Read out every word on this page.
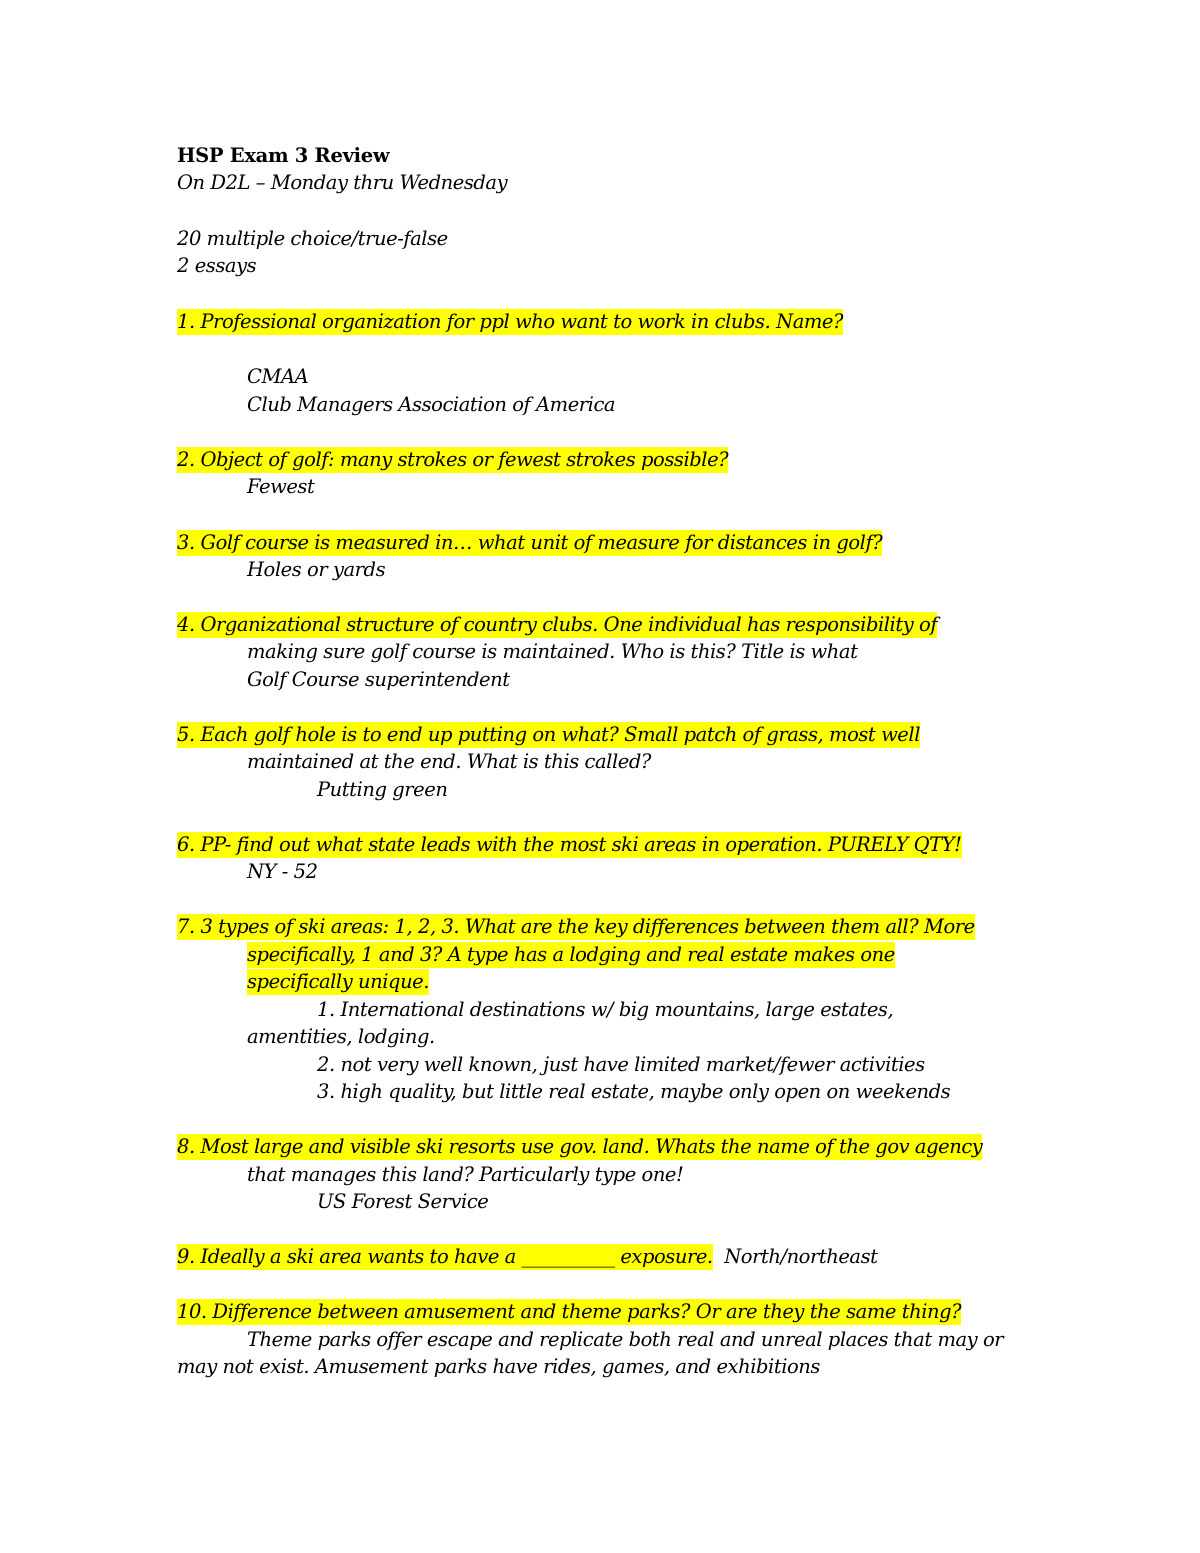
HSP Exam 3 Review
On D2L – Monday thru Wednesday
20 multiple choice/true-false
2 essays
1. Professional organization for ppl who want to work in clubs. Name?
CMAA
Club Managers Association of America
2. Object of golf: many strokes or fewest strokes possible?
Fewest
3. Golf course is measured in… what unit of measure for distances in golf?
Holes or yards
4. Organizational structure of country clubs. One individual has responsibility of
making sure golf course is maintained. Who is this? Title is what
Golf Course superintendent
5. Each golf hole is to end up putting on what? Small patch of grass, most well
maintained at the end. What is this called?
Putting green
6. PP- find out what state leads with the most ski areas in operation. PURELY QTY!
NY - 52
7. 3 types of ski areas: 1, 2, 3. What are the key differences between them all? More
specifically, 1 and 3? A type has a lodging and real estate makes one
specifically unique.
1. International destinations w/ big mountains, large estates,
amentities, lodging.
2. not very well known, just have limited market/fewer activities
3. high quality, but little real estate, maybe only open on weekends
8. Most large and visible ski resorts use gov. land. Whats the name of the gov agency
that manages this land? Particularly type one!
US Forest Service
9. Ideally a ski area wants to have a __________ exposure. North/northeast
10. Difference between amusement and theme parks? Or are they the same thing?
Theme parks offer escape and replicate both real and unreal places that may or
may not exist. Amusement parks have rides, games, and exhibitions
